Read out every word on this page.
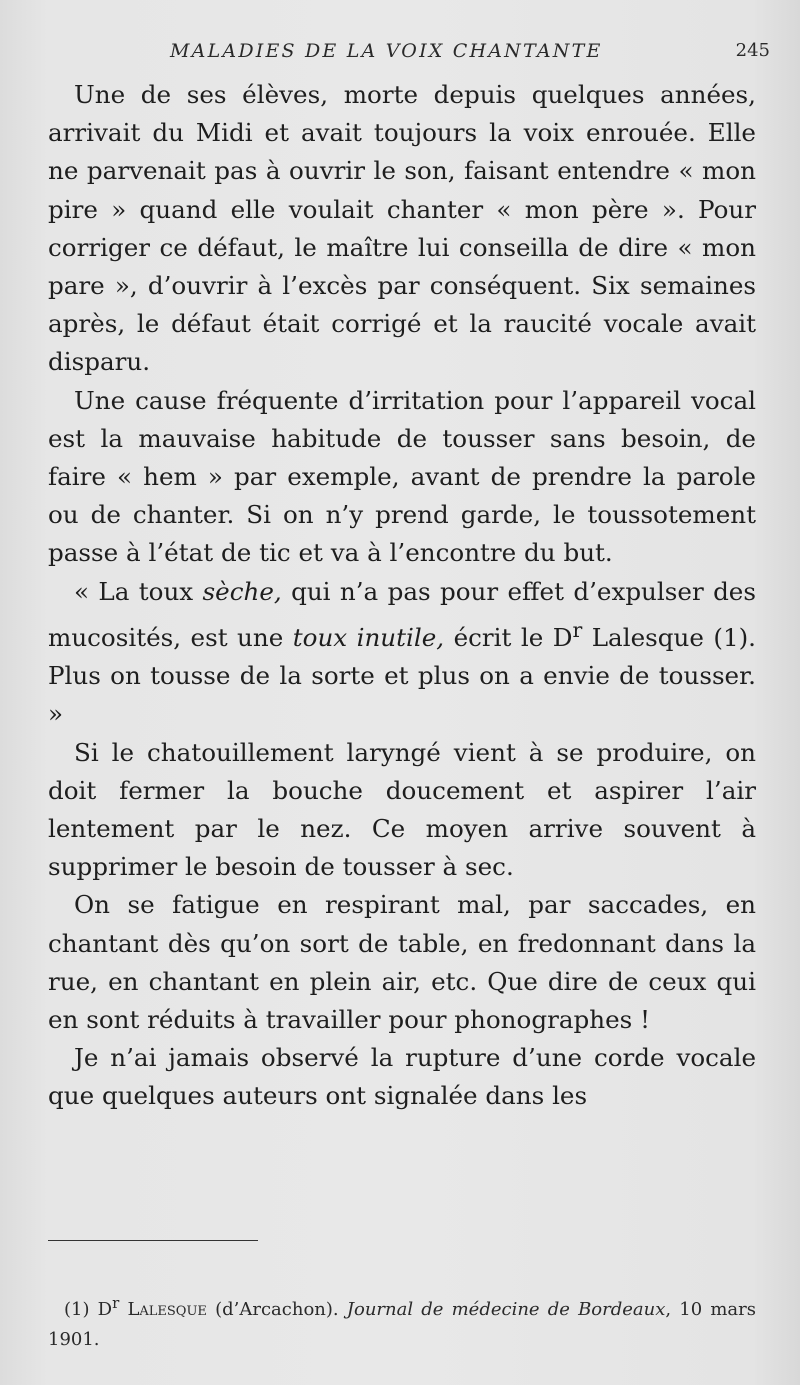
MALADIES DE LA VOIX CHANTANTE	245

Une de ses élèves, morte depuis quelques années, arrivait du Midi et avait toujours la voix enrouée. Elle ne parvenait pas à ouvrir le son, faisant entendre « mon pire » quand elle voulait chanter « mon père ». Pour corriger ce défaut, le maître lui conseilla de dire « mon pare », d’ouvrir à l’excès par conséquent. Six semaines après, le défaut était corrigé et la raucité vocale avait disparu.

Une cause fréquente d’irritation pour l’appareil vocal est la mauvaise habitude de tousser sans besoin, de faire « hem » par exemple, avant de prendre la parole ou de chanter. Si on n’y prend garde, le toussotement passe à l’état de tic et va à l’encontre du but.

« La toux sèche, qui n’a pas pour effet d’expulser des mucosités, est une toux inutile, écrit le $D^r$ Lalesque (1). Plus on tousse de la sorte et plus on a envie de tousser. »

Si le chatouillement laryngé vient à se produire, on doit fermer la bouche doucement et aspirer l’air lentement par le nez. Ce moyen arrive souvent à supprimer le besoin de tousser à sec.

On se fatigue en respirant mal, par saccades, en chantant dès qu’on sort de table, en fredonnant dans la rue, en chantant en plein air, etc. Que dire de ceux qui en sont réduits à travailler pour phonographes !

Je n’ai jamais observé la rupture d’une corde vocale que quelques auteurs ont signalée dans les

(1) $D^r$ Lalesque (d’Arcachon). Journal de médecine de Bordeaux, 10 mars 1901.
